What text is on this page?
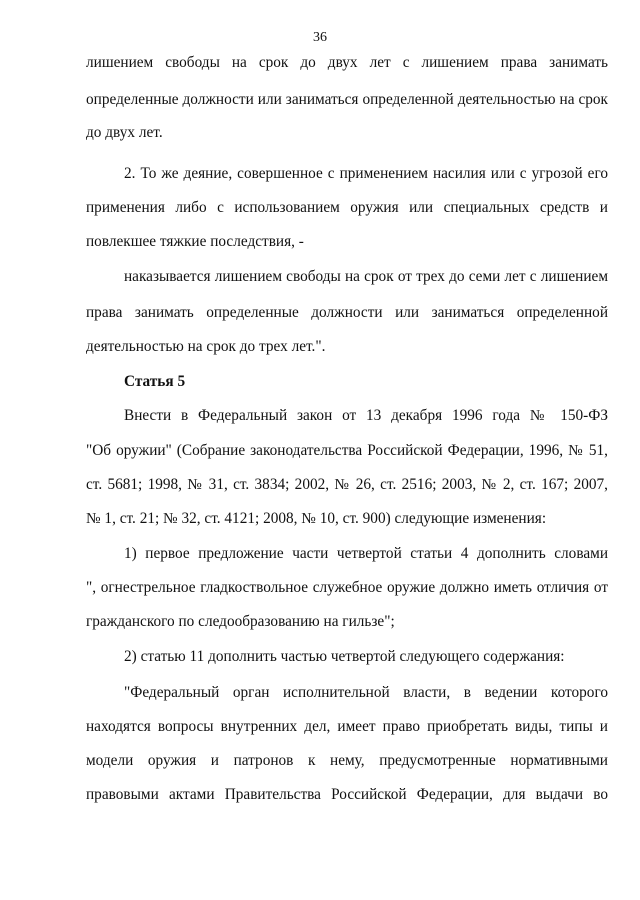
36
лишением свободы на срок до двух лет с лишением права занимать
определенные должности или заниматься определенной деятельностью на срок
до двух лет.
2. То же деяние, совершенное с применением насилия или с угрозой его
применения либо с использованием оружия или специальных средств и
повлекшее тяжкие последствия, -
наказывается лишением свободы на срок от трех до семи лет с лишением
права занимать определенные должности или заниматься определенной
деятельностью на срок до трех лет.".
Статья 5
Внести в Федеральный закон от 13 декабря 1996 года № 150-ФЗ
"Об оружии" (Собрание законодательства Российской Федерации, 1996, № 51,
ст. 5681; 1998, № 31, ст. 3834; 2002, № 26, ст. 2516; 2003, № 2, ст. 167; 2007,
№ 1, ст. 21; № 32, ст. 4121; 2008, № 10, ст. 900) следующие изменения:
1) первое предложение части четвертой статьи 4 дополнить словами
", огнестрельное гладкоствольное служебное оружие должно иметь отличия от
гражданского по следообразованию на гильзе";
2) статью 11 дополнить частью четвертой следующего содержания:
"Федеральный орган исполнительной власти, в ведении которого
находятся вопросы внутренних дел, имеет право приобретать виды, типы и
модели оружия и патронов к нему, предусмотренные нормативными
правовыми актами Правительства Российской Федерации, для выдачи во
